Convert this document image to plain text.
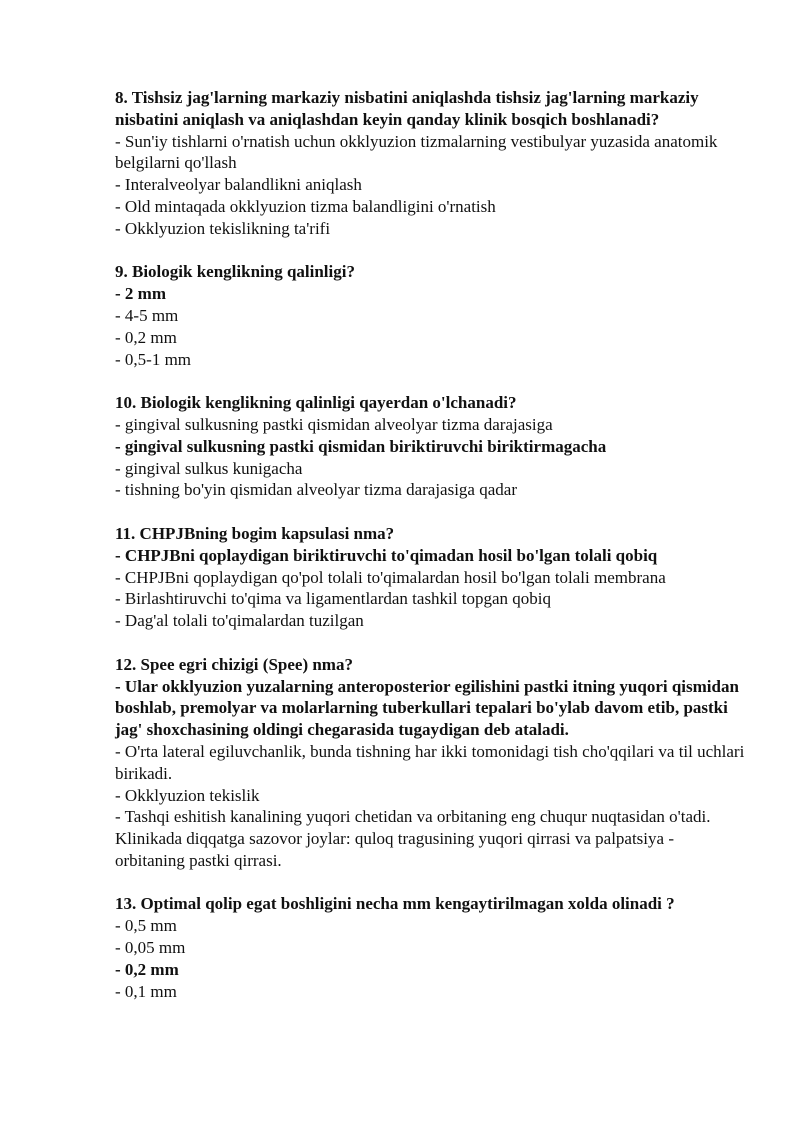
8. Tishsiz jag'larning markaziy nisbatini aniqlashda tishsiz jag'larning markaziy nisbatini aniqlash va aniqlashdan keyin qanday klinik bosqich boshlanadi?

- Sun'iy tishlarni o'rnatish uchun okklyuzion tizmalarning vestibulyar yuzasida anatomik belgilarni qo'llash

- Interalveolyar balandlikni aniqlash

- Old mintaqada okklyuzion tizma balandligini o'rnatish

- Okklyuzion tekislikning ta'rifi

9. Biologik kenglikning qalinligi?

- 2 mm

- 4-5 mm

- 0,2 mm

- 0,5-1 mm

10. Biologik kenglikning qalinligi qayerdan o'lchanadi?

- gingival sulkusning pastki qismidan alveolyar tizma darajasiga

- gingival sulkusning pastki qismidan biriktiruvchi biriktirmagacha

- gingival sulkus kunigacha

- tishning bo'yin qismidan alveolyar tizma darajasiga qadar

11. CHPJBning bogim kapsulasi nma?

- CHPJBni qoplaydigan biriktiruvchi to'qimadan hosil bo'lgan tolali qobiq

- CHPJBni qoplaydigan qo'pol tolali to'qimalardan hosil bo'lgan tolali membrana

- Birlashtiruvchi to'qima va ligamentlardan tashkil topgan qobiq

- Dag'al tolali to'qimalardan tuzilgan

12. Spee egri chizigi (Spee) nma?

- Ular okklyuzion yuzalarning anteroposterior egilishini pastki itning yuqori qismidan boshlab, premolyar va molarlarning tuberkullari tepalari bo'ylab davom etib, pastki jag' shoxchasining oldingi chegarasida tugaydigan deb ataladi.

- O'rta lateral egiluvchanlik, bunda tishning har ikki tomonidagi tish cho'qqilari va til uchlari birikadi.

- Okklyuzion tekislik

- Tashqi eshitish kanalining yuqori chetidan va orbitaning eng chuqur nuqtasidan o'tadi. Klinikada diqqatga sazovor joylar: quloq tragusining yuqori qirrasi va palpatsiya - orbitaning pastki qirrasi.

13. Optimal qolip egat boshligini necha mm kengaytirilmagan xolda olinadi ?

- 0,5 mm

- 0,05 mm

- 0,2 mm

- 0,1 mm
